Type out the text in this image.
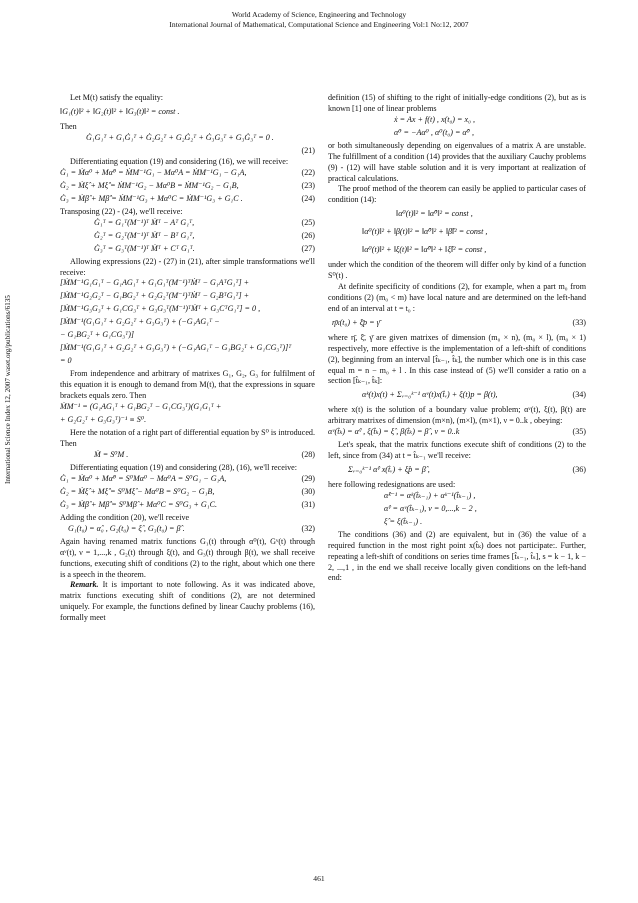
World Academy of Science, Engineering and Technology
International Journal of Mathematical, Computational Science and Engineering Vol:1 No:12, 2007
International Science Index 12, 2007 waset.org/publications/6135

Let M(t) satisfy the equality:

‖G₁(t)‖² + ‖G₂(t)‖² + ‖G₃(t)‖² = const .

Then

Ġ₁G₁ᵀ + G₁Ġ₁ᵀ + Ġ₂G₂ᵀ + G₂Ġ₂ᵀ + Ġ₃G₃ᵀ + G₃Ġ₃ᵀ = 0 .
(21)

Differentiating equation (19) and considering (16), we will receive:

Ġ₁ = Ṁα⁰ + Mα̇⁰ = ṀM⁻¹G₁ − Mα⁰A = ṀM⁻¹G₁ − G₁A,	(22)
Ġ₂ = Ṁξ̂ + Mξ̂̇ = ṀM⁻¹G₂ − Mα⁰B = ṀM⁻¹G₂ − G₁B,	(23)
Ġ₃ = Ṁβ̂ + Mβ̂̇ = ṀM⁻¹G₃ + Mα⁰C = ṀM⁻¹G₃ + G₁C .	(24)

Transposing (22) - (24), we'll receive:

Ġ₁ᵀ = G₁ᵀ(M⁻¹)ᵀ Ṁᵀ − Aᵀ G₁ᵀ,	(25)
Ġ₂ᵀ = G₂ᵀ(M⁻¹)ᵀ Ṁᵀ − Bᵀ G₁ᵀ,	(26)
Ġ₃ᵀ = G₃ᵀ(M⁻¹)ᵀ Ṁᵀ + Cᵀ G₁ᵀ.	(27)

Allowing expressions (22) - (27) in (21), after simple transformations we'll receive:

[ṀM⁻¹G₁G₁ᵀ − G₁AG₁ᵀ + G₁G₁ᵀ(M⁻¹)ᵀṀᵀ − G₁AᵀG₁ᵀ] +
[ṀM⁻¹G₂G₂ᵀ − G₁BG₂ᵀ + G₂G₂ᵀ(M⁻¹)ᵀṀᵀ − G₂BᵀG₁ᵀ] +
[ṀM⁻¹G₃G₃ᵀ + G₁CG₃ᵀ + G₃G₃ᵀ(M⁻¹)ᵀṀᵀ + G₃CᵀG₁ᵀ] = 0 ,
[ṀM⁻¹(G₁G₁ᵀ + G₂G₂ᵀ + G₃G₃ᵀ) + (−G₁AG₁ᵀ −
− G₁BG₂ᵀ + G₁CG₃ᵀ)]
[ṀM⁻¹(G₁G₁ᵀ + G₂G₂ᵀ + G₃G₃ᵀ) + (−G₁AG₁ᵀ − G₁BG₂ᵀ + G₁CG₃ᵀ)]ᵀ
= 0

From independence and arbitrary of matrixes G₁, G₂, G₃ for fulfilment of this equation it is enough to demand from M(t), that the expressions in square brackets equals zero. Then

ṀM⁻¹ = (G₁AG₁ᵀ + G₁BG₂ᵀ − G₁CG₃ᵀ)(G₁G₁ᵀ +
+ G₂G₂ᵀ + G₃G₃ᵀ)⁻¹ ≡ S⁰.

Here the notation of a right part of differential equation by S⁰ is introduced. Then

Ṁ = S⁰M .	(28)

Differentiating equation (19) and considering (28), (16), we'll receive:

Ġ₁ = Ṁα⁰ + Mα̇⁰ = S⁰Mα⁰ − Mα⁰A = S⁰G₁ − G₁A,	(29)
Ġ₂ = Ṁξ̂ + Mξ̂̇ = S⁰Mξ̂ − Mα⁰B = S⁰G₂ − G₁B,	(30)
Ġ₃ = Ṁβ̂ + Mβ̂̇ = S⁰Mβ̂ + Mα⁰C = S⁰G₃ + G₁C.	(31)

Adding the condition (20), we'll receive

G₁(t₀) = α̂₀ , G₂(t₀) = ξ̂ , G₃(t₀) = β̂ .	(32)

Again having renamed matrix functions G₁(t) through α⁰(t), Gᵛ(t) through αᵛ(t), ν = 1,...,k , G₂(t) through ξ(t), and G₃(t) through β(t), we shall receive functions, executing shift of conditions (2) to the right, about which one there is a speech in the theorem.

Remark. It is important to note following. As it was indicated above, matrix functions executing shift of conditions (2), are not determined uniquely. For example, the functions defined by linear Cauchy problems (16), formally meet

definition (15) of shifting to the right of initially-edge conditions (2), but as is known [1] one of linear problems

ẋ = Ax + f(t) , x(t₀) = x₀ ,
α̇⁰ = −Aα⁰ , α⁰(t₀) = α̂⁰ ,

or both simultaneously depending on eigenvalues of a matrix A are unstable. The fulfillment of a condition (14) provides that the auxiliary Cauchy problems (9) - (12) will have stable solution and it is very important at realization of practical calculations.

The proof method of the theorem can easily be applied to particular cases of condition (14):

‖α⁰(t)‖² = ‖α̂⁰‖² = const ,
‖α⁰(t)‖² + ‖β(t)‖² = ‖α̂⁰‖² + ‖β̂‖² = const ,
‖α⁰(t)‖² + ‖ξ(t)‖² = ‖α̂⁰‖² + ‖ξ̂‖² = const ,

under which the condition of the theorem will differ only by kind of a function S⁰(t) .

At definite specificity of conditions (2), for example, when a part m₀ from conditions (2) (m₀ < m) have local nature and are determined on the left-hand end of an interval at t = t₀ :

η̄x(t₀) + ξ̄p = γ̄	(33)

where η̄, ξ̄, γ̄ are given matrixes of dimension (m₀ × n), (m₀ × l), (m₀ × 1) respectively, more effective is the implementation of a left-shift of conditions (2), beginning from an interval [t̂ₖ₋₁, t̂ₖ], the number which one is in this case equal m = n − m₀ + l . In this case instead of (5) we'll consider a ratio on a section [t̂ₖ₋₁, t̂ₖ]:

αᵏ(t)x(t) + Σᵥ₌₀ᵏ⁻¹ αᵛ(t)x(t̂ᵥ) + ξ(t)p = β(t),	(34)

where x(t) is the solution of a boundary value problem; αᵛ(t), ξ(t), β(t) are arbitrary matrixes of dimension (m×n), (m×l), (m×1), ν = 0..k , obeying:

αᵛ(t̂ₖ) = α̂ᵛ , ξ(t̂ₖ) = ξ̂ , β(t̂ₖ) = β̂ , ν = 0..k	(35)

Let's speak, that the matrix functions execute shift of conditions (2) to the left, since from (34) at t = t̂ₖ₋₁ we'll receive:

Σᵥ₌₀ᵏ⁻¹ α̂ᵛ x(t̂ᵥ) + ξ̂p = β̂ ,	(36)

here following redesignations are used:

α̂ᵏ⁻¹ = αᵏ(t̂ₖ₋₁) + αᵏ⁻¹(t̂ₖ₋₁) ,
α̂ᵛ = αᵛ(t̂ₖ₋₁), ν = 0,...,k − 2 ,
ξ̂ = ξ(t̂ₖ₋₁) .

The conditions (36) and (2) are equivalent, but in (36) the value of a required function in the most right point x(t̂ₖ) does not participate:. Further, repeating a left-shift of conditions on series time frames [t̂ₛ₋₁, t̂ₛ], s = k − 1, k − 2, ...,1 , in the end we shall receive locally given conditions on the left-hand end:

461
